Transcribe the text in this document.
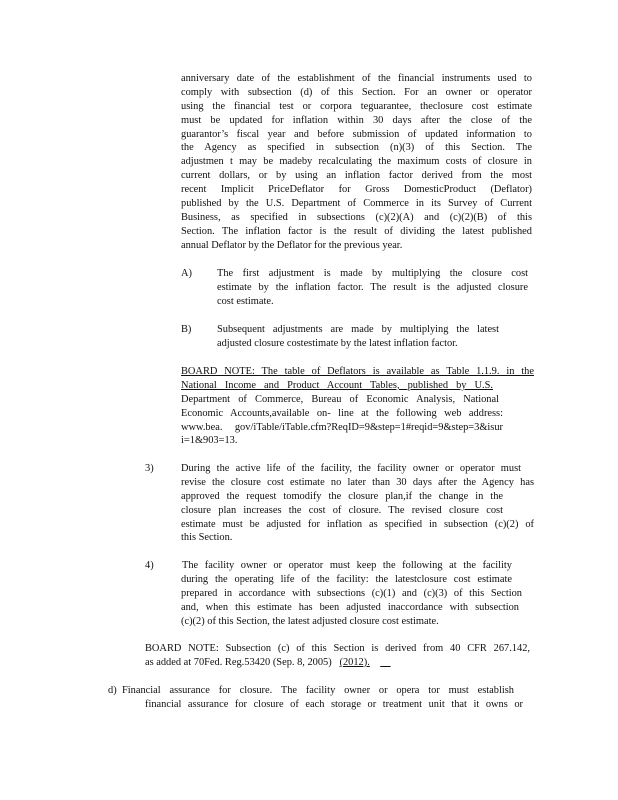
anniversary date of the establishment of the financial instruments used to
comply with subsection (d) of this Section. For an owner or operator
using the financial test or corpora teguarantee, theclosure cost estimate
must be updated for inflation within 30 days after the close of the
guarantor’s fiscal year and before submission of updated information to
the Agency as specified in subsection (n)(3) of this Section. The
adjustmen t may be madeby recalculating the maximum costs of closure in
current dollars, or by using an inflation factor derived from the most
recent Implicit PriceDeflator for Gross DomesticProduct (Deflator)
published by the U.S. Department of Commerce in its Survey of Current
Business, as specified in subsections (c)(2)(A) and (c)(2)(B) of this
Section. The inflation factor is the result of dividing the latest published
annual Deflator by the Deflator for the previous year.
A) The first adjustment is made by multiplying the closure cost
estimate by the inflation factor. The result is the adjusted closure
cost estimate.
B) Subsequent adjustments are made by multiplying the latest
adjusted closure costestimate by the latest inflation factor.
BOARD NOTE: The table of Deflators is available as Table 1.1.9. in the
National Income and Product Account Tables, published by U.S.
Department of Commerce, Bureau of Economic Analysis, National
Economic Accounts,available on- line at the following web address:
www.bea. gov/iTable/iTable.cfm?ReqID=9&step=1#reqid=9&step=3&isur
i=1&903=13.
3)	During the active life of the facility, the facility owner or operator must
revise the closure cost estimate no later than 30 days after the Agency has
approved the request tomodify the closure plan,if the change in the
closure plan increases the cost of closure. The revised closure cost
estimate must be adjusted for inflation as specified in subsection (c)(2) of
this Section.
4)	The facility owner or operator must keep the following at the facility
during the operating life of the facility: the latestclosure cost estimate
prepared in accordance with subsections (c)(1) and (c)(3) of this Section
and, when this estimate has been adjusted inaccordance with subsection
(c)(2) of this Section, the latest adjusted closure cost estimate.
BOARD NOTE: Subsection (c) of this Section is derived from 40 CFR 267.142,
as added at 70Fed. Reg.53420 (Sep. 8, 2005) (2012).
d) Financial assurance for closure. The facility owner or opera tor must establish
financial assurance for closure of each storage or treatment unit that it owns or
